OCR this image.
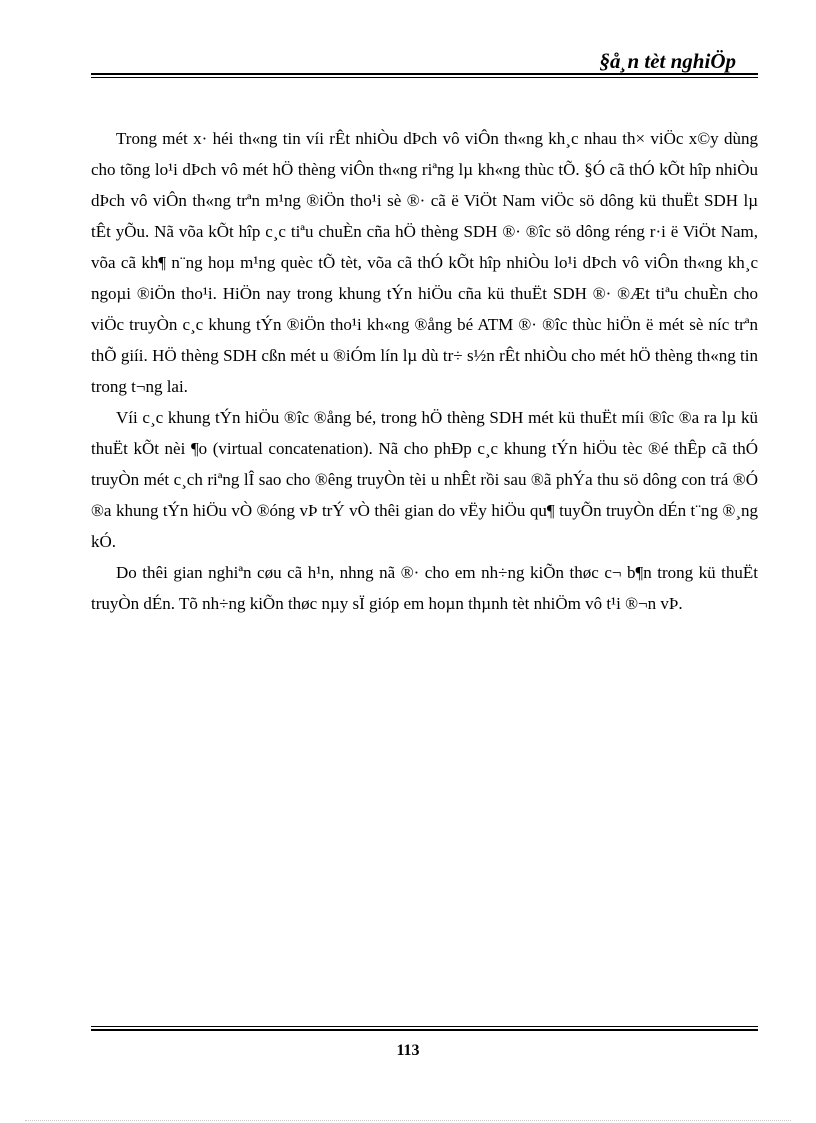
§å¸n tèt nghiÖp

Trong mét x· héi th«ng tin víi rÊt nhiÒu dÞch vô viÔn th«ng kh¸c nhau th× viÖc x©y dùng cho tõng lo¹i dÞch vô mét hÖ thèng viÔn th«ng riªng lµ kh«ng thùc tÕ. §Ó cã thÓ kÕt hîp nhiÒu dÞch vô viÔn th«ng trªn m¹ng ®iÖn tho¹i sè ®· cã ë ViÖt Nam viÖc sö dông kü thuËt SDH lµ tÊt yÕu. Nã võa kÕt hîp c¸c tiªu chuÈn cña hÖ thèng SDH ®· ®îc sö dông réng r·i ë ViÖt Nam, võa cã kh¶ n¨ng hoµ m¹ng quèc tÕ tèt, võa cã thÓ kÕt hîp nhiÒu lo¹i dÞch vô viÔn th«ng kh¸c ngoµi ®iÖn tho¹i. HiÖn nay trong khung tÝn hiÖu cña kü thuËt SDH ®· ®Æt tiªu chuÈn cho viÖc truyÒn c¸c khung tÝn ®iÖn tho¹i kh«ng ®ång bé ATM ®· ®îc thùc hiÖn ë mét sè níc trªn thÕ giíi. HÖ thèng SDH cßn mét u ®iÓm lín lµ dù tr÷ s½n rÊt nhiÒu cho mét hÖ thèng th«ng tin trong t¬ng lai.

Víi c¸c khung tÝn hiÖu ®îc ®ång bé, trong hÖ thèng SDH mét kü thuËt míi ®îc ®a ra lµ kü thuËt kÕt nèi ¶o (virtual concatenation). Nã cho phÐp c¸c khung tÝn hiÖu tèc ®é thÊp cã thÓ truyÒn mét c¸ch riªng lÎ sao cho ®êng truyÒn tèi u nhÊt rồi sau ®ã phÝa thu sö dông con trá ®Ó ®a khung tÝn hiÖu vÒ ®óng vÞ trÝ vÒ thêi gian do vËy hiÖu qu¶ tuyÕn truyÒn dÉn t¨ng ®¸ng kÓ.

Do thêi gian nghiªn cøu cã h¹n, nhng nã ®· cho em nh÷ng kiÕn thøc c¬ b¶n trong kü thuËt truyÒn dÉn. Tõ nh÷ng kiÕn thøc nµy sÏ gióp em hoµn thµnh tèt nhiÖm vô t¹i ®¬n vÞ.

113
